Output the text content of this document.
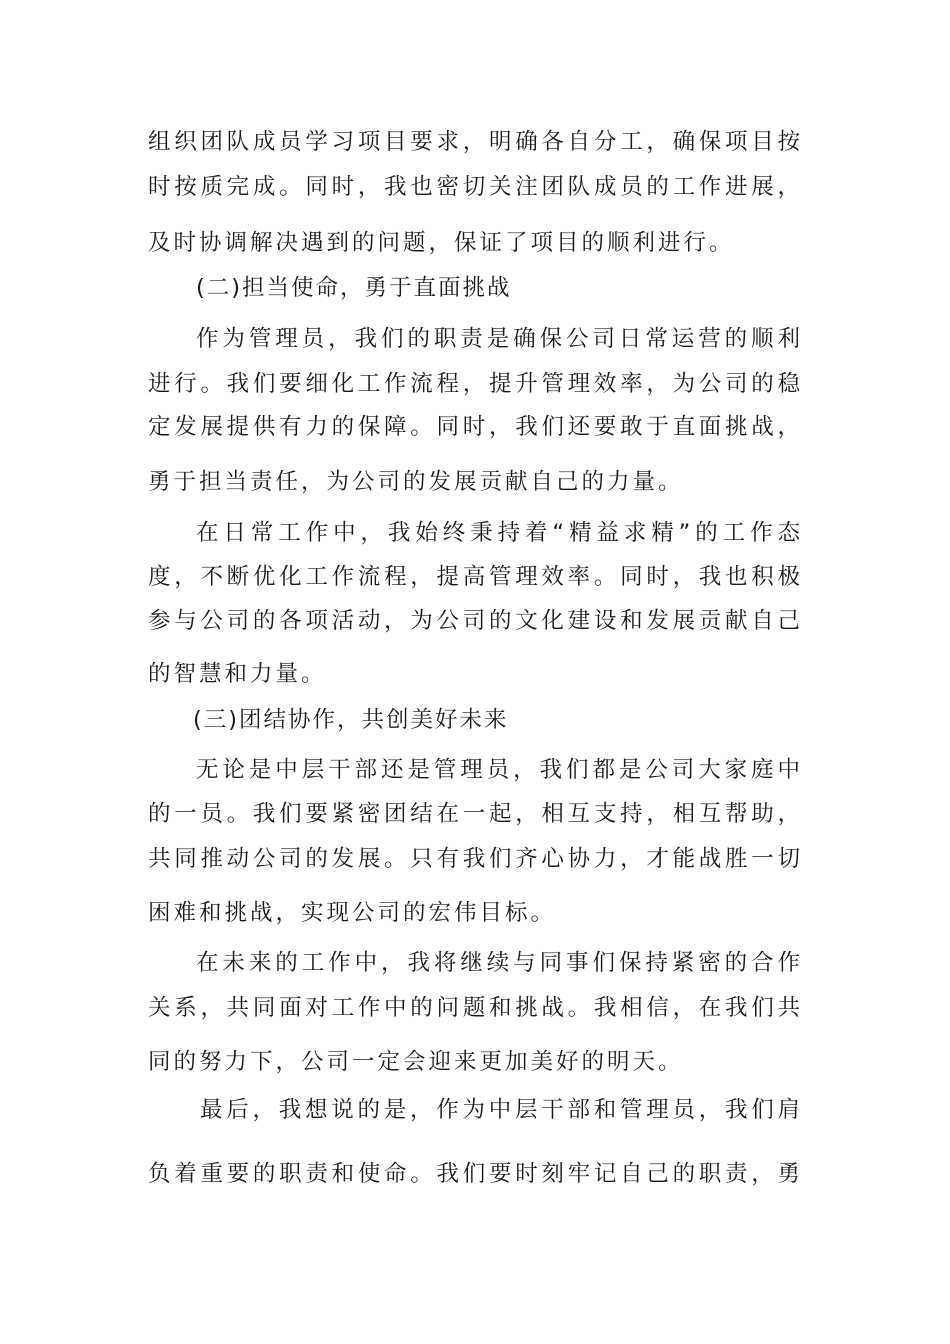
组织团队成员学习项目要求，明确各自分工，确保项目按
时按质完成。同时，我也密切关注团队成员的工作进展，
及时协调解决遇到的问题，保证了项目的顺利进行。
(二)担当使命，勇于直面挑战
作为管理员，我们的职责是确保公司日常运营的顺利
进行。我们要细化工作流程，提升管理效率，为公司的稳
定发展提供有力的保障。同时，我们还要敢于直面挑战，
勇于担当责任，为公司的发展贡献自己的力量。
在日常工作中，我始终秉持着“精益求精”的工作态
度，不断优化工作流程，提高管理效率。同时，我也积极
参与公司的各项活动，为公司的文化建设和发展贡献自己
的智慧和力量。
(三)团结协作，共创美好未来
无论是中层干部还是管理员，我们都是公司大家庭中
的一员。我们要紧密团结在一起，相互支持，相互帮助，
共同推动公司的发展。只有我们齐心协力，才能战胜一切
困难和挑战，实现公司的宏伟目标。
在未来的工作中，我将继续与同事们保持紧密的合作
关系，共同面对工作中的问题和挑战。我相信，在我们共
同的努力下，公司一定会迎来更加美好的明天。
最后，我想说的是，作为中层干部和管理员，我们肩
负着重要的职责和使命。我们要时刻牢记自己的职责，勇
